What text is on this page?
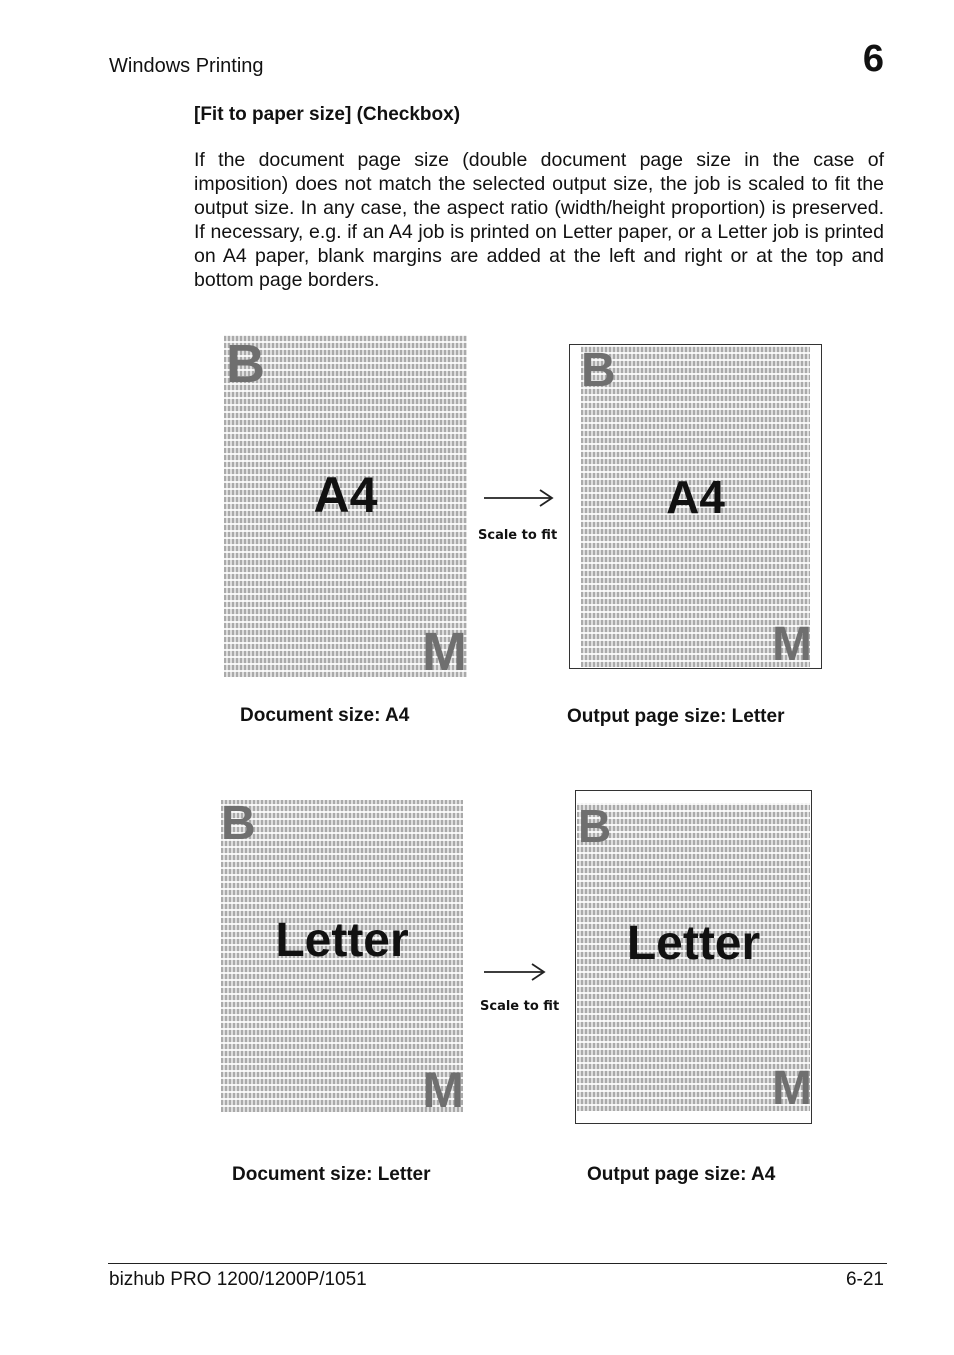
Windows Printing	6
[Fit to paper size] (Checkbox)
If the document page size (double document page size in the case of imposition) does not match the selected output size, the job is scaled to fit the output size. In any case, the aspect ratio (width/height proportion) is preserved. If necessary, e.g. if an A4 job is printed on Letter paper, or a Letter job is printed on A4 paper, blank margins are added at the left and right or at the top and bottom page borders.
B
A4
M
Scale to fit
B
A4
M
Document size: A4	Output page size: Letter
B
Letter
M
Scale to fit
B
Letter
M
Document size: Letter	Output page size: A4
bizhub PRO 1200/1200P/1051	6-21
